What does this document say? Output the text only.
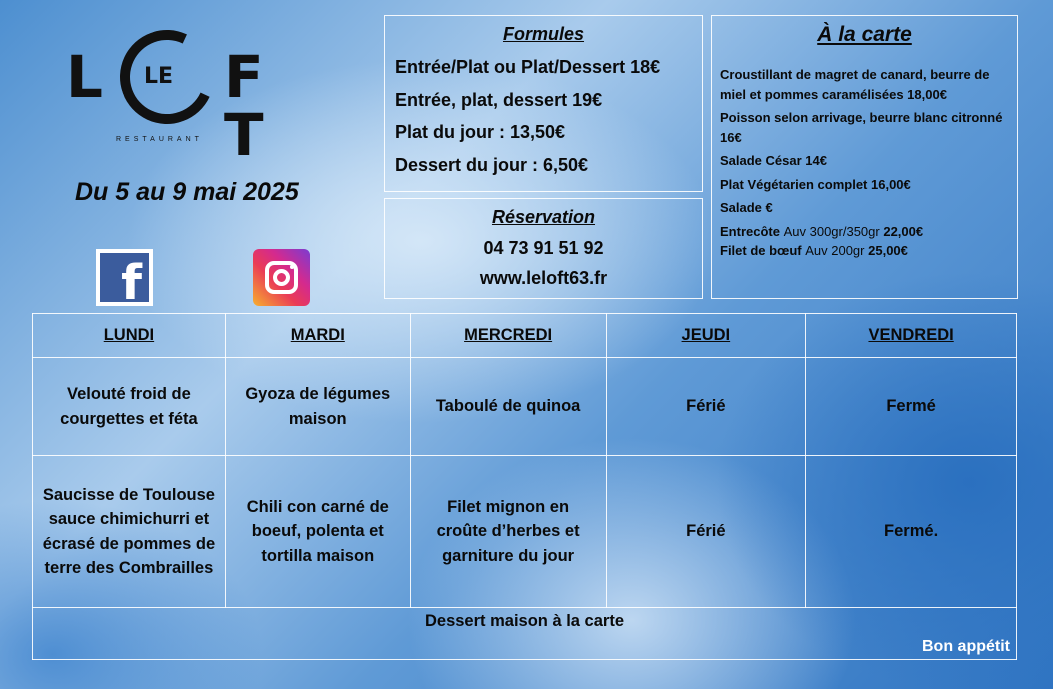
L LE F T
RESTAURANT
Du 5 au 9 mai 2025
f
Formules
Entrée/Plat ou Plat/Dessert 18€
Entrée, plat, dessert 19€
Plat du jour : 13,50€
Dessert du jour : 6,50€
Réservation
04 73 91 51 92
www.leloft63.fr
À la carte
Croustillant de magret de canard, beurre de miel et pommes caramélisées 18,00€
Poisson selon arrivage, beurre blanc citronné 16€
Salade César 14€
Plat Végétarien complet 16,00€
Salade €
Entrecôte Auv 300gr/350gr 22,00€
Filet de bœuf Auv 200gr 25,00€
LUNDI	MARDI	MERCREDI	JEUDI	VENDREDI
Velouté froid de courgettes et féta	Gyoza de légumes maison	Taboulé de quinoa	Férié	Fermé
Saucisse de Toulouse sauce chimichurri et écrasé de pommes de terre des Combrailles	Chili con carné de boeuf, polenta et tortilla maison	Filet mignon en croûte d’herbes et garniture du jour	Férié	Fermé.
Dessert maison à la carte
Bon appétit				
